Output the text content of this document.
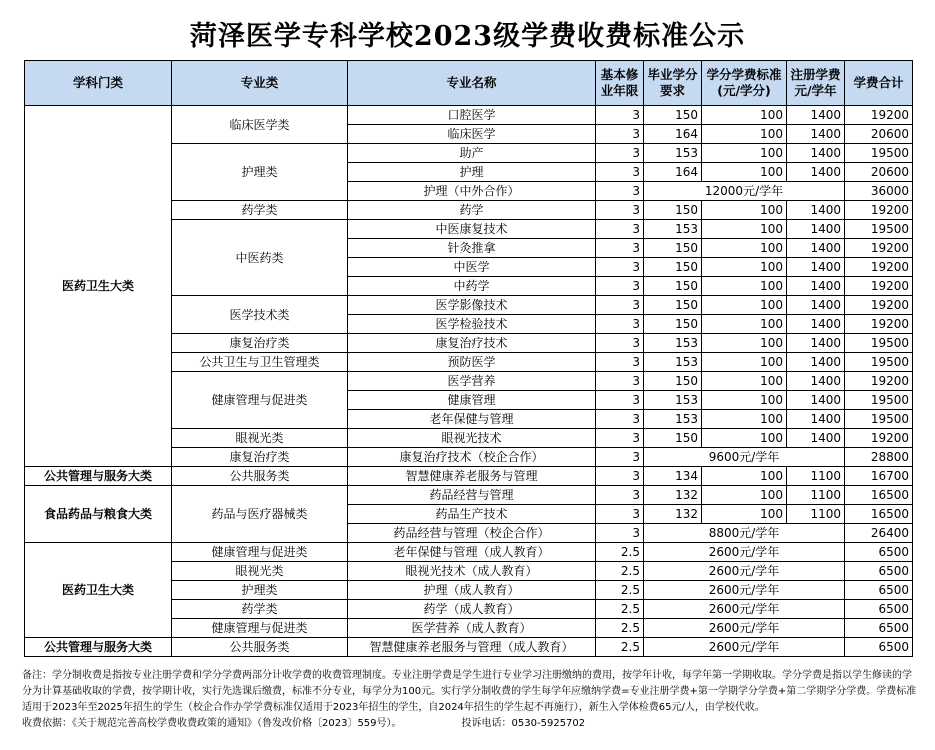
菏泽医学专科学校2023级学费收费标准公示
学科门类	专业类	专业名称	基本修业年限	毕业学分要求	学分学费标准(元/学分)	注册学费元/学年	学费合计
医药卫生大类	临床医学类	口腔医学	3	150	100	1400	19200
		临床医学	3	164	100	1400	20600
	护理类	助产	3	153	100	1400	19500
		护理	3	164	100	1400	20600
		护理（中外合作）	3	12000元/学年			36000
	药学类	药学	3	150	100	1400	19200
	中医药类	中医康复技术	3	153	100	1400	19500
		针灸推拿	3	150	100	1400	19200
		中医学	3	150	100	1400	19200
		中药学	3	150	100	1400	19200
	医学技术类	医学影像技术	3	150	100	1400	19200
		医学检验技术	3	150	100	1400	19200
	康复治疗类	康复治疗技术	3	153	100	1400	19500
	公共卫生与卫生管理类	预防医学	3	153	100	1400	19500
	健康管理与促进类	医学营养	3	150	100	1400	19200
		健康管理	3	153	100	1400	19500
		老年保健与管理	3	153	100	1400	19500
	眼视光类	眼视光技术	3	150	100	1400	19200
	康复治疗类	康复治疗技术（校企合作）	3	9600元/学年			28800
公共管理与服务大类	公共服务类	智慧健康养老服务与管理	3	134	100	1100	16700
食品药品与粮食大类	药品与医疗器械类	药品经营与管理	3	132	100	1100	16500
		药品生产技术	3	132	100	1100	16500
		药品经营与管理（校企合作）	3	8800元/学年			26400
医药卫生大类	健康管理与促进类	老年保健与管理（成人教育）	2.5	2600元/学年			6500
	眼视光类	眼视光技术（成人教育）	2.5	2600元/学年			6500
	护理类	护理（成人教育）	2.5	2600元/学年			6500
	药学类	药学（成人教育）	2.5	2600元/学年			6500
	健康管理与促进类	医学营养（成人教育）	2.5	2600元/学年			6500
公共管理与服务大类	公共服务类	智慧健康养老服务与管理（成人教育）	2.5	2600元/学年			6500
备注：学分制收费是指按专业注册学费和学分学费两部分计收学费的收费管理制度。专业注册学费是学生进行专业学习注册缴纳的费用，按学年计收，每学年第一学期收取。学分学费是指以学生修读的学分为计算基础收取的学费，按学期计收，实行先选课后缴费，标准不分专业，每学分为100元。实行学分制收费的学生每学年应缴纳学费=专业注册学费+第一学期学分学费+第二学期学分学费。学费标准适用于2023年至2025年招生的学生（校企合作办学学费标准仅适用于2023年招生的学生，自2024年招生的学生起不再施行），新生入学体检费65元/人，由学校代收。
收费依据：《关于规范完善高校学费收费政策的通知》（鲁发改价格〔2023〕559号）。	投诉电话：0530-5925702
